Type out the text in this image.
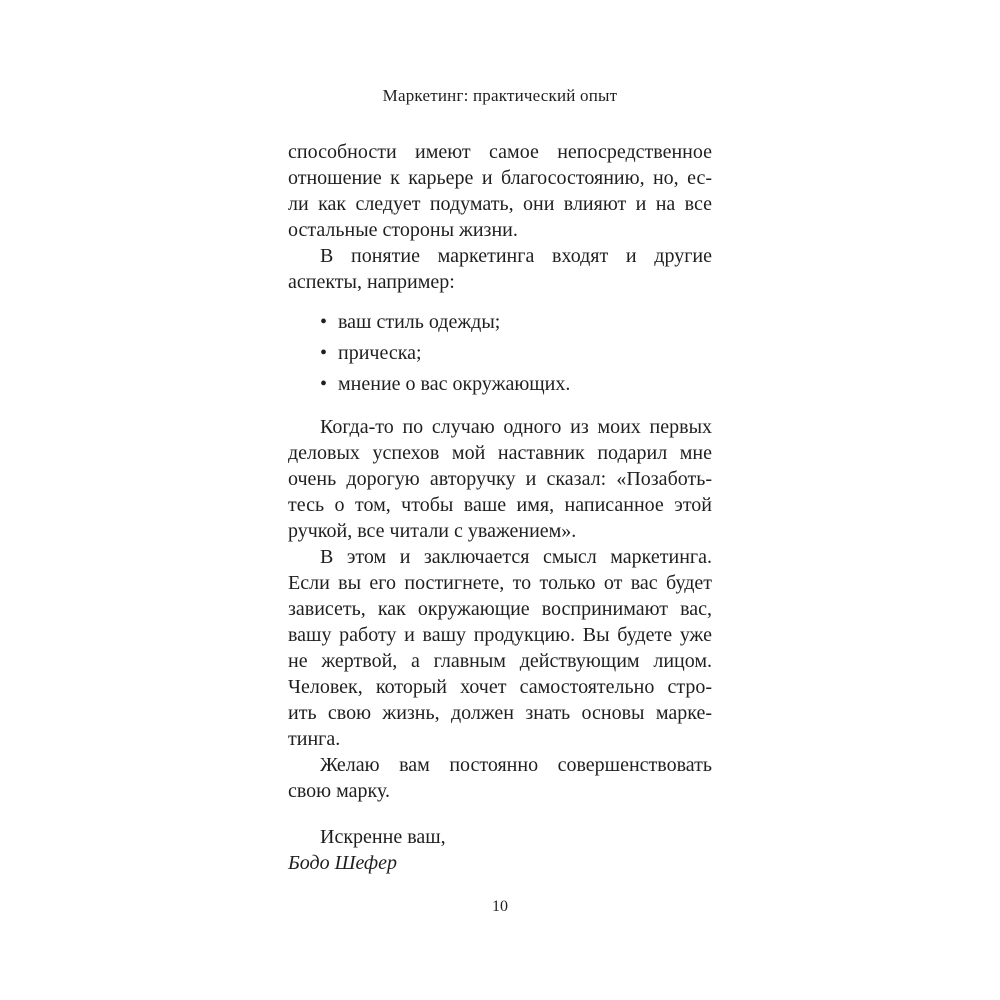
Маркетинг: практический опыт
способности имеют самое непосредственное
отношение к карьере и благосостоянию, но, ес-
ли как следует подумать, они влияют и на все
остальные стороны жизни.
В понятие маркетинга входят и другие
аспекты, например:
• ваш стиль одежды;
• прическа;
• мнение о вас окружающих.
Когда-то по случаю одного из моих первых
деловых успехов мой наставник подарил мне
очень дорогую авторучку и сказал: «Позаботь-
тесь о том, чтобы ваше имя, написанное этой
ручкой, все читали с уважением».
В этом и заключается смысл маркетинга.
Если вы его постигнете, то только от вас будет
зависеть, как окружающие воспринимают вас,
вашу работу и вашу продукцию. Вы будете уже
не жертвой, а главным действующим лицом.
Человек, который хочет самостоятельно стро-
ить свою жизнь, должен знать основы марке-
тинга.
Желаю вам постоянно совершенствовать
свою марку.
Искренне ваш,
Бодо Шефер
10
